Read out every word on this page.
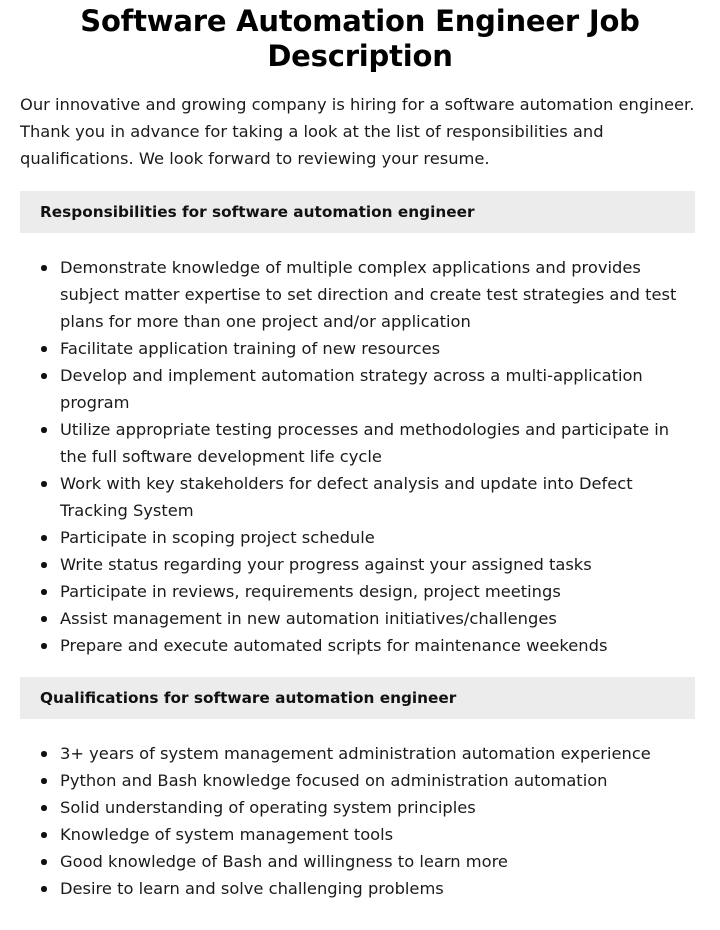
Software Automation Engineer Job Description

Our innovative and growing company is hiring for a software automation engineer. Thank you in advance for taking a look at the list of responsibilities and qualifications. We look forward to reviewing your resume.

Responsibilities for software automation engineer
Demonstrate knowledge of multiple complex applications and provides subject matter expertise to set direction and create test strategies and test plans for more than one project and/or application
Facilitate application training of new resources
Develop and implement automation strategy across a multi-application program
Utilize appropriate testing processes and methodologies and participate in the full software development life cycle
Work with key stakeholders for defect analysis and update into Defect Tracking System
Participate in scoping project schedule
Write status regarding your progress against your assigned tasks
Participate in reviews, requirements design, project meetings
Assist management in new automation initiatives/challenges
Prepare and execute automated scripts for maintenance weekends
Qualifications for software automation engineer
3+ years of system management administration automation experience
Python and Bash knowledge focused on administration automation
Solid understanding of operating system principles
Knowledge of system management tools
Good knowledge of Bash and willingness to learn more
Desire to learn and solve challenging problems
